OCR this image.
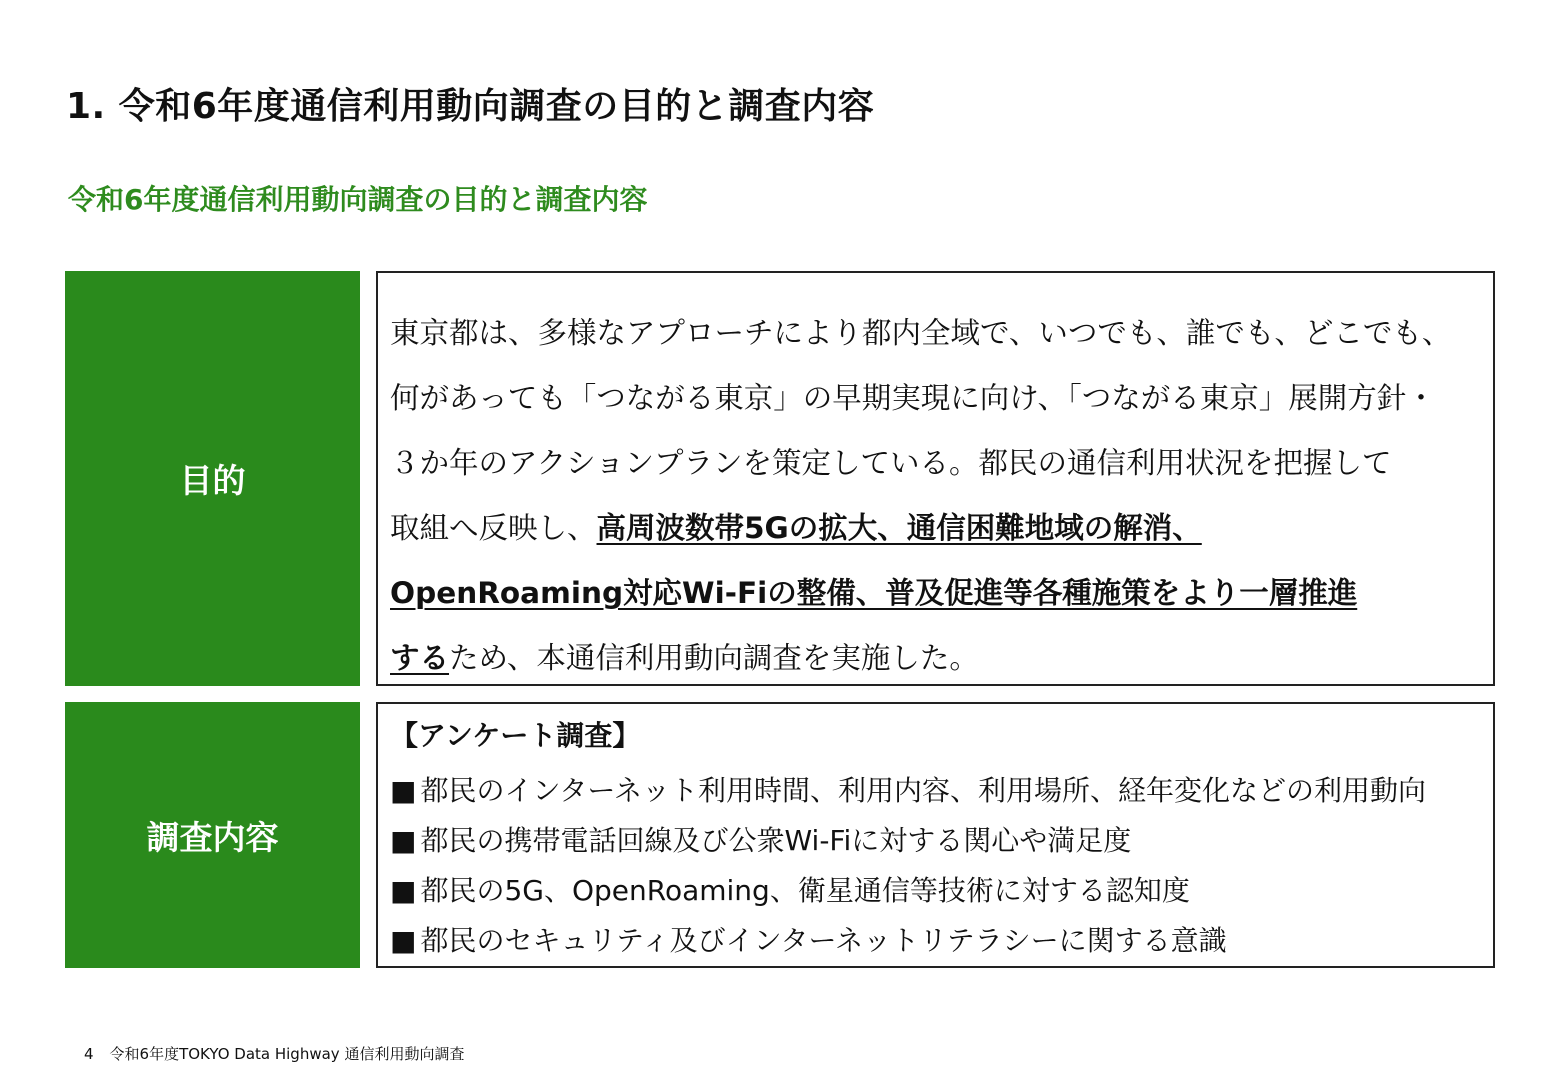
1. 令和6年度通信利用動向調査の目的と調査内容
令和6年度通信利用動向調査の目的と調査内容
目的
東京都は、多様なアプローチにより都内全域で、いつでも、誰でも、どこでも、
何があっても「つながる東京」の早期実現に向け、「つながる東京」展開方針・
３か年のアクションプランを策定している。都民の通信利用状況を把握して
取組へ反映し、高周波数帯5Gの拡大、通信困難地域の解消、
OpenRoaming対応Wi-Fiの整備、普及促進等各種施策をより一層推進
するため、本通信利用動向調査を実施した。
調査内容
【アンケート調査】
■ 都民のインターネット利用時間、利用内容、利用場所、経年変化などの利用動向
■ 都民の携帯電話回線及び公衆Wi-Fiに対する関心や満足度
■ 都民の5G、OpenRoaming、衛星通信等技術に対する認知度
■ 都民のセキュリティ及びインターネットリテラシーに関する意識
4 令和6年度TOKYO Data Highway 通信利用動向調査
